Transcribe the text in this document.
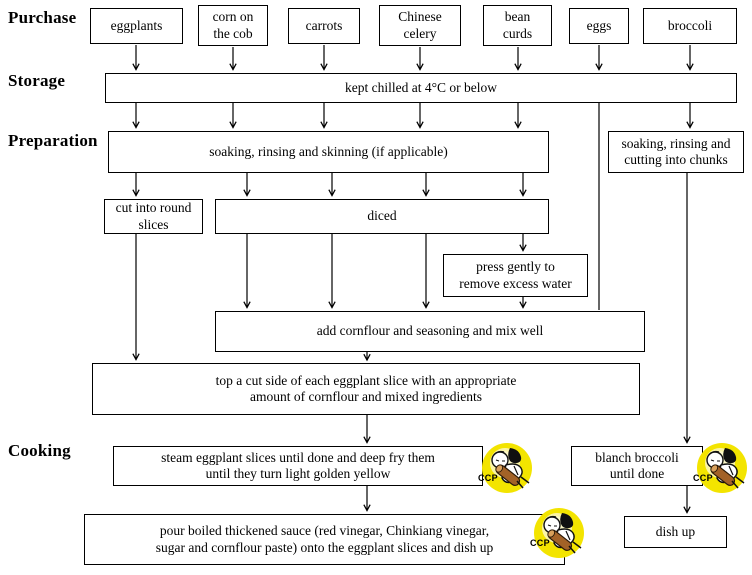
Purchase
Storage
Preparation
Cooking
eggplants
corn on the cob
carrots
Chinese celery
bean curds
eggs	broccoli
kept chilled at 4°C or below
soaking, rinsing and skinning (if applicable)
soaking, rinsing and cutting into chunks
cut into round slices
diced
press gently to remove excess water
add cornflour and seasoning and mix well
top a cut side of each eggplant slice with an appropriate
amount of cornflour and mixed ingredients
steam eggplant slices until done and deep fry them
until they turn light golden yellow
blanch broccoli until done
pour boiled thickened sauce (red vinegar, Chinkiang vinegar,
sugar and cornflour paste) onto the eggplant slices and dish up
dish up
CCP	CCP
CCP
